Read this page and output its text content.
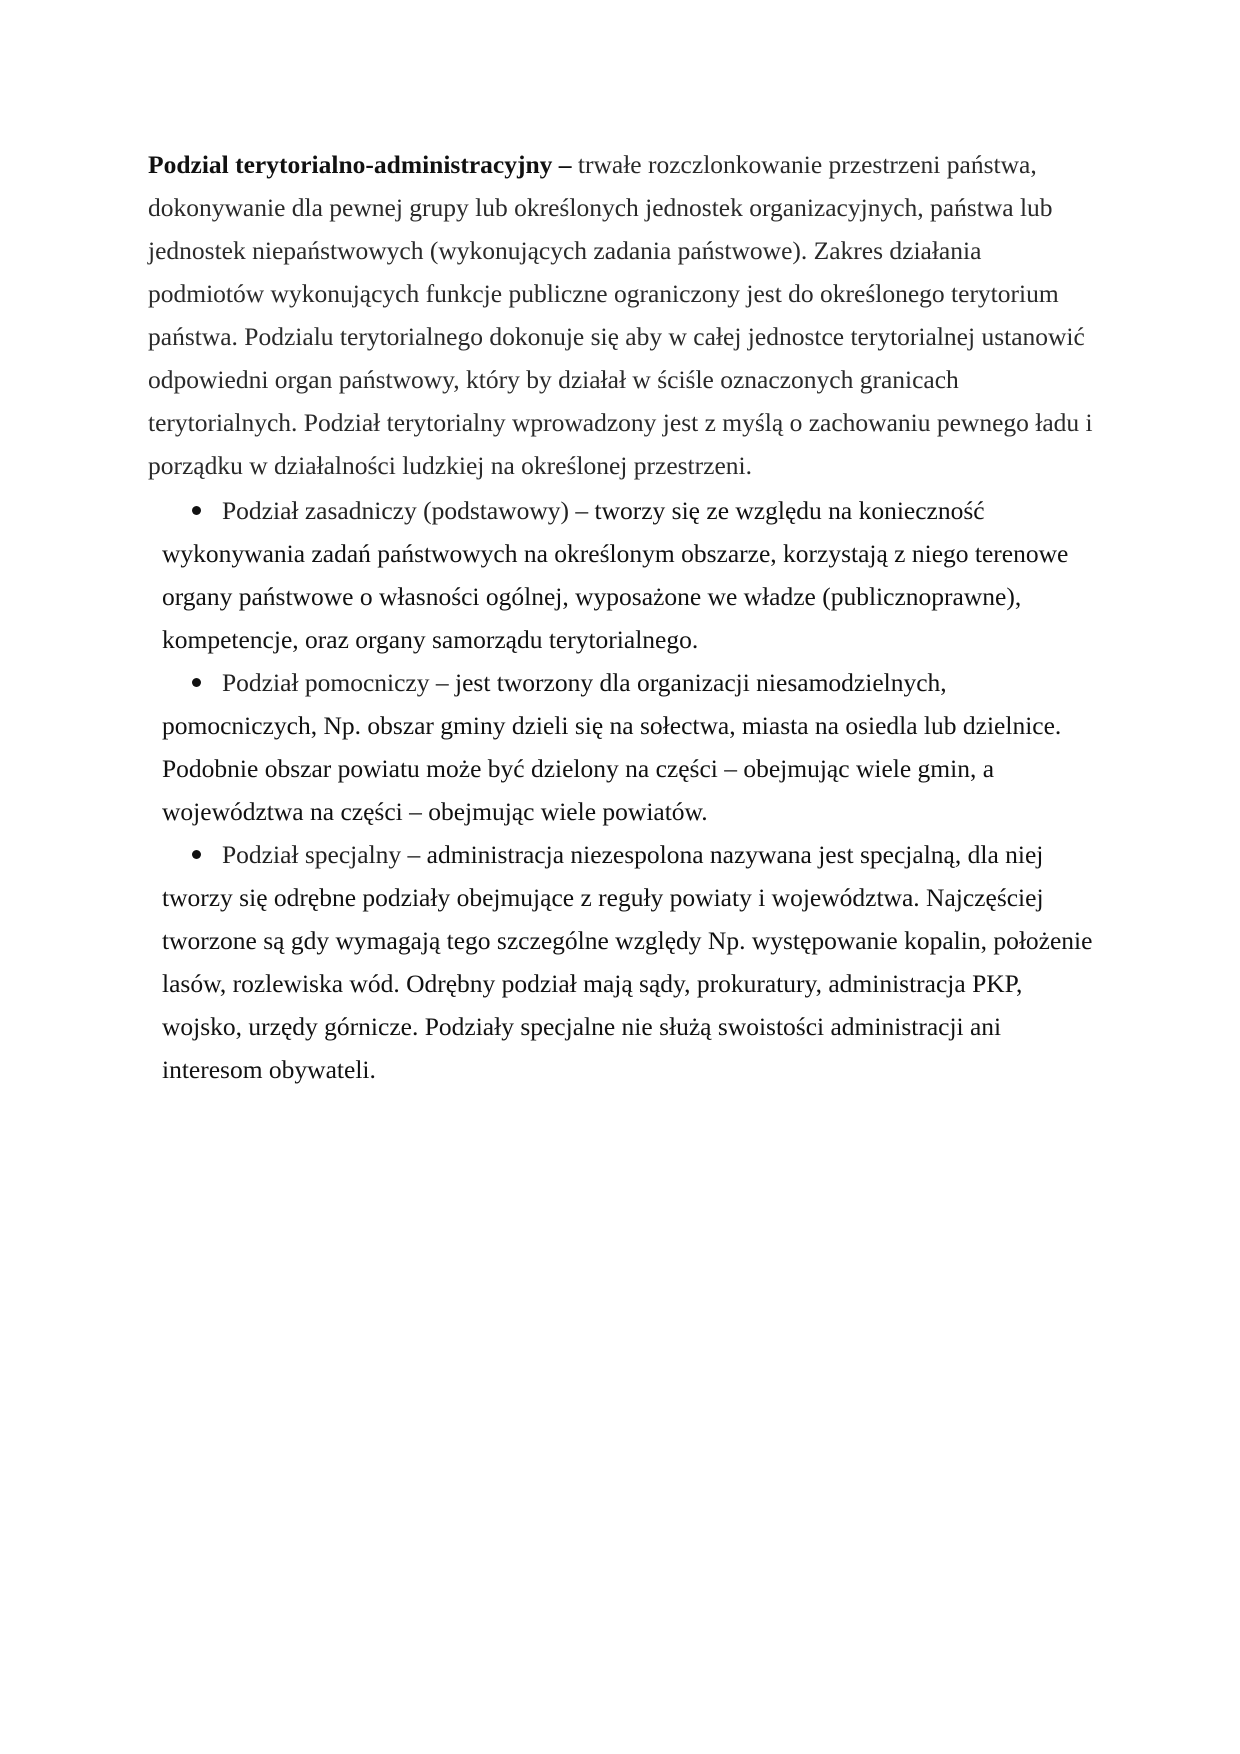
Podzial terytorialno-administracyjny – trwałe rozczlonkowanie przestrzeni państwa, dokonywanie dla pewnej grupy lub określonych jednostek organizacyjnych, państwa lub jednostek niepaństwowych (wykonujących zadania państwowe). Zakres działania podmiotów wykonujących funkcje publiczne ograniczony jest do określonego terytorium państwa. Podzialu terytorialnego dokonuje się aby w całej jednostce terytorialnej ustanowić odpowiedni organ państwowy, który by działał w ściśle oznaczonych granicach terytorialnych. Podział terytorialny wprowadzony jest z myślą o zachowaniu pewnego ładu i porządku w działalności ludzkiej na określonej przestrzeni.

Podział zasadniczy (podstawowy) – tworzy się ze względu na konieczność wykonywania zadań państwowych na określonym obszarze, korzystają z niego terenowe organy państwowe o własności ogólnej, wyposażone we władze (publicznoprawne), kompetencje, oraz organy samorządu terytorialnego.
Podział pomocniczy – jest tworzony dla organizacji niesamodzielnych, pomocniczych, Np. obszar gminy dzieli się na sołectwa, miasta na osiedla lub dzielnice. Podobnie obszar powiatu może być dzielony na części – obejmując wiele gmin, a województwa na części – obejmując wiele powiatów.
Podział specjalny – administracja niezespolona nazywana jest specjalną, dla niej tworzy się odrębne podziały obejmujące z reguły powiaty i województwa. Najczęściej tworzone są gdy wymagają tego szczególne względy Np. występowanie kopalin, położenie lasów, rozlewiska wód. Odrębny podział mają sądy, prokuratury, administracja PKP, wojsko, urzędy górnicze. Podziały specjalne nie służą swoistości administracji ani interesom obywateli.
